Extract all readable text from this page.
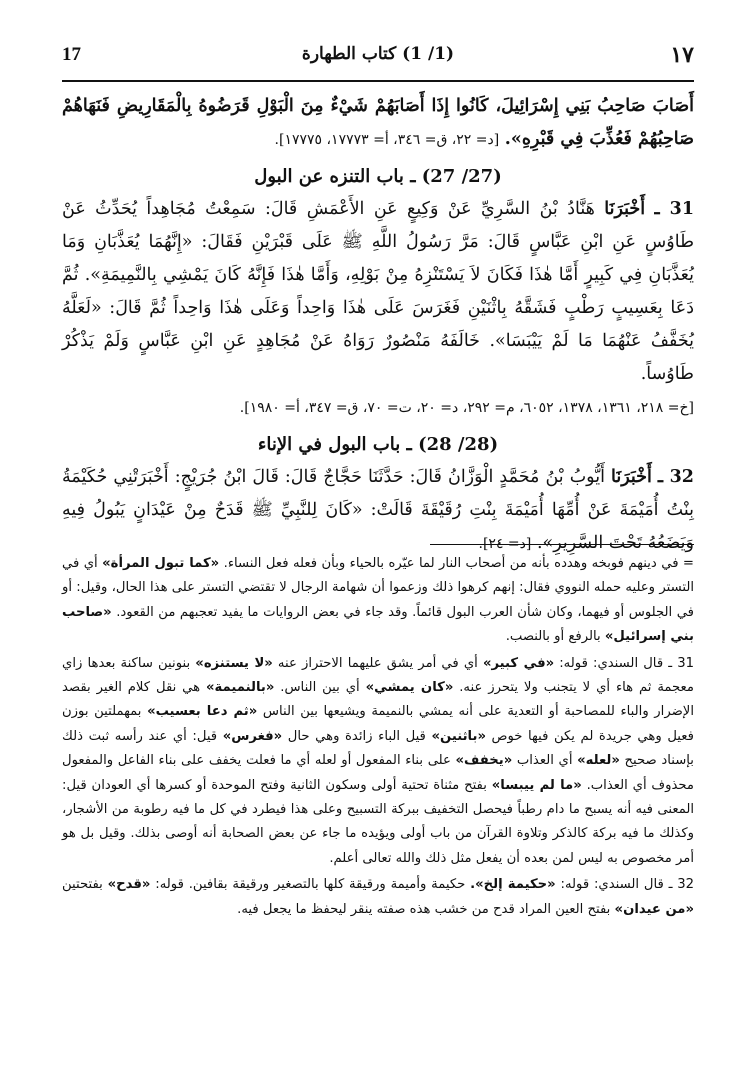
١٧
(1/ 1) كتاب الطهارة
17

أَصَابَ صَاحِبُ بَنِي إِسْرَائِيلَ، كَانُوا إِذَا أَصَابَهُمْ شَيْءٌ مِنَ الْبَوْلِ قَرَضُوهُ بِالْمَقَارِيضِ فَنَهَاهُمْ صَاحِبُهُمْ فَعُذِّبَ فِي قَبْرِهِ». [د= ٢٢، ق= ٣٤٦، أ= ١٧٧٧٣، ١٧٧٧٥].

(27/ 27) ـ باب التنزه عن البول

31 ـ أَخْبَرَنَا هَنَّادُ بْنُ السَّرِيِّ عَنْ وَكِيعٍ عَنِ الأَعْمَشِ قَالَ: سَمِعْتُ مُجَاهِداً يُحَدِّثُ عَنْ طَاوُسٍ عَنِ ابْنِ عَبَّاسٍ قَالَ: مَرَّ رَسُولُ اللَّهِ ﷺ عَلَى قَبْرَيْنِ فَقَالَ: «إِنَّهُمَا يُعَذَّبَانِ وَمَا يُعَذَّبَانِ فِي كَبِيرٍ أَمَّا هٰذَا فَكَانَ لاَ يَسْتَنْزِهُ مِنْ بَوْلِهِ، وَأَمَّا هٰذَا فَإِنَّهُ كَانَ يَمْشِي بِالنَّمِيمَةِ». ثُمَّ دَعَا بِعَسِيبٍ رَطْبٍ فَشَقَّهُ بِاثْنَيْنِ فَغَرَسَ عَلَى هٰذَا وَاحِداً وَعَلَى هٰذَا وَاحِداً ثُمَّ قَالَ: «لَعَلَّهُ يُخَفَّفُ عَنْهُمَا مَا لَمْ يَيْبَسَا». خَالَفَهُ مَنْصُورٌ رَوَاهُ عَنْ مُجَاهِدٍ عَنِ ابْنِ عَبَّاسٍ وَلَمْ يَذْكُرْ طَاوُساً.

[خ= ٢١٨، ١٣٦١، ١٣٧٨، ٦٠٥٢، م= ٢٩٢، د= ٢٠، ت= ٧٠، ق= ٣٤٧، أ= ١٩٨٠].

(28/ 28) ـ باب البول في الإناء

32 ـ أَخْبَرَنَا أَيُّوبُ بْنُ مُحَمَّدٍ الْوَزَّانُ قَالَ: حَدَّثَنَا حَجَّاجٌ قَالَ: قَالَ ابْنُ جُرَيْجٍ: أَخْبَرَتْنِي حُكَيْمَةُ بِنْتُ أُمَيْمَةَ عَنْ أُمِّهَا أُمَيْمَةَ بِنْتِ رُقَيْقَةَ قَالَتْ: «كَانَ لِلنَّبِيِّ ﷺ قَدَحٌ مِنْ عَيْدَانٍ يَبُولُ فِيهِ وَيَضَعُهُ تَحْتَ السَّرِيرِ». [د= ٢٤].

= في دينهم فوبخه وهدده بأنه من أصحاب النار لما عيّره بالحياء وبأن فعله فعل النساء. «كما تبول المرأة» أي في التستر وعليه حمله النووي فقال: إنهم كرهوا ذلك وزعموا أن شهامة الرجال لا تقتضي التستر على هذا الحال، وقيل: أو في الجلوس أو فيهما، وكان شأن العرب البول قائماً. وقد جاء في بعض الروايات ما يفيد تعجبهم من القعود. «صاحب بني إسرائيل» بالرفع أو بالنصب.

31 ـ قال السندي: قوله: «في كبير» أي في أمر يشق عليهما الاحتراز عنه «لا يستنزه» بنونين ساكنة بعدها زاي معجمة ثم هاء أي لا يتجنب ولا يتحرز عنه. «كان يمشي» أي بين الناس. «بالنميمة» هي نقل كلام الغير بقصد الإضرار والباء للمصاحبة أو التعدية على أنه يمشي بالنميمة ويشيعها بين الناس «ثم دعا بعسيب» بمهملتين بوزن فعيل وهي جريدة لم يكن فيها خوص «باثنين» قيل الباء زائدة وهي حال «فغرس» قيل: أي عند رأسه ثبت ذلك بإسناد صحيح «لعله» أي العذاب «يخفف» على بناء المفعول أو لعله أي ما فعلت يخفف على بناء الفاعل والمفعول محذوف أي العذاب. «ما لم ييبسا» بفتح مثناة تحتية أولى وسكون الثانية وفتح الموحدة أو كسرها أي العودان قيل: المعنى فيه أنه يسبح ما دام رطباً فيحصل التخفيف ببركة التسبيح وعلى هذا فيطرد في كل ما فيه رطوبة من الأشجار، وكذلك ما فيه بركة كالذكر وتلاوة القرآن من باب أولى ويؤيده ما جاء عن بعض الصحابة أنه أوصى بذلك. وقيل بل هو أمر مخصوص به ليس لمن بعده أن يفعل مثل ذلك والله تعالى أعلم.

32 ـ قال السندي: قوله: «حكيمة إلخ». حكيمة وأميمة ورقيقة كلها بالتصغير ورقيقة بقافين. قوله: «قدح» بفتحتين «من عيدان» بفتح العين المراد قدح من خشب هذه صفته ينقر ليحفظ ما يجعل فيه.
